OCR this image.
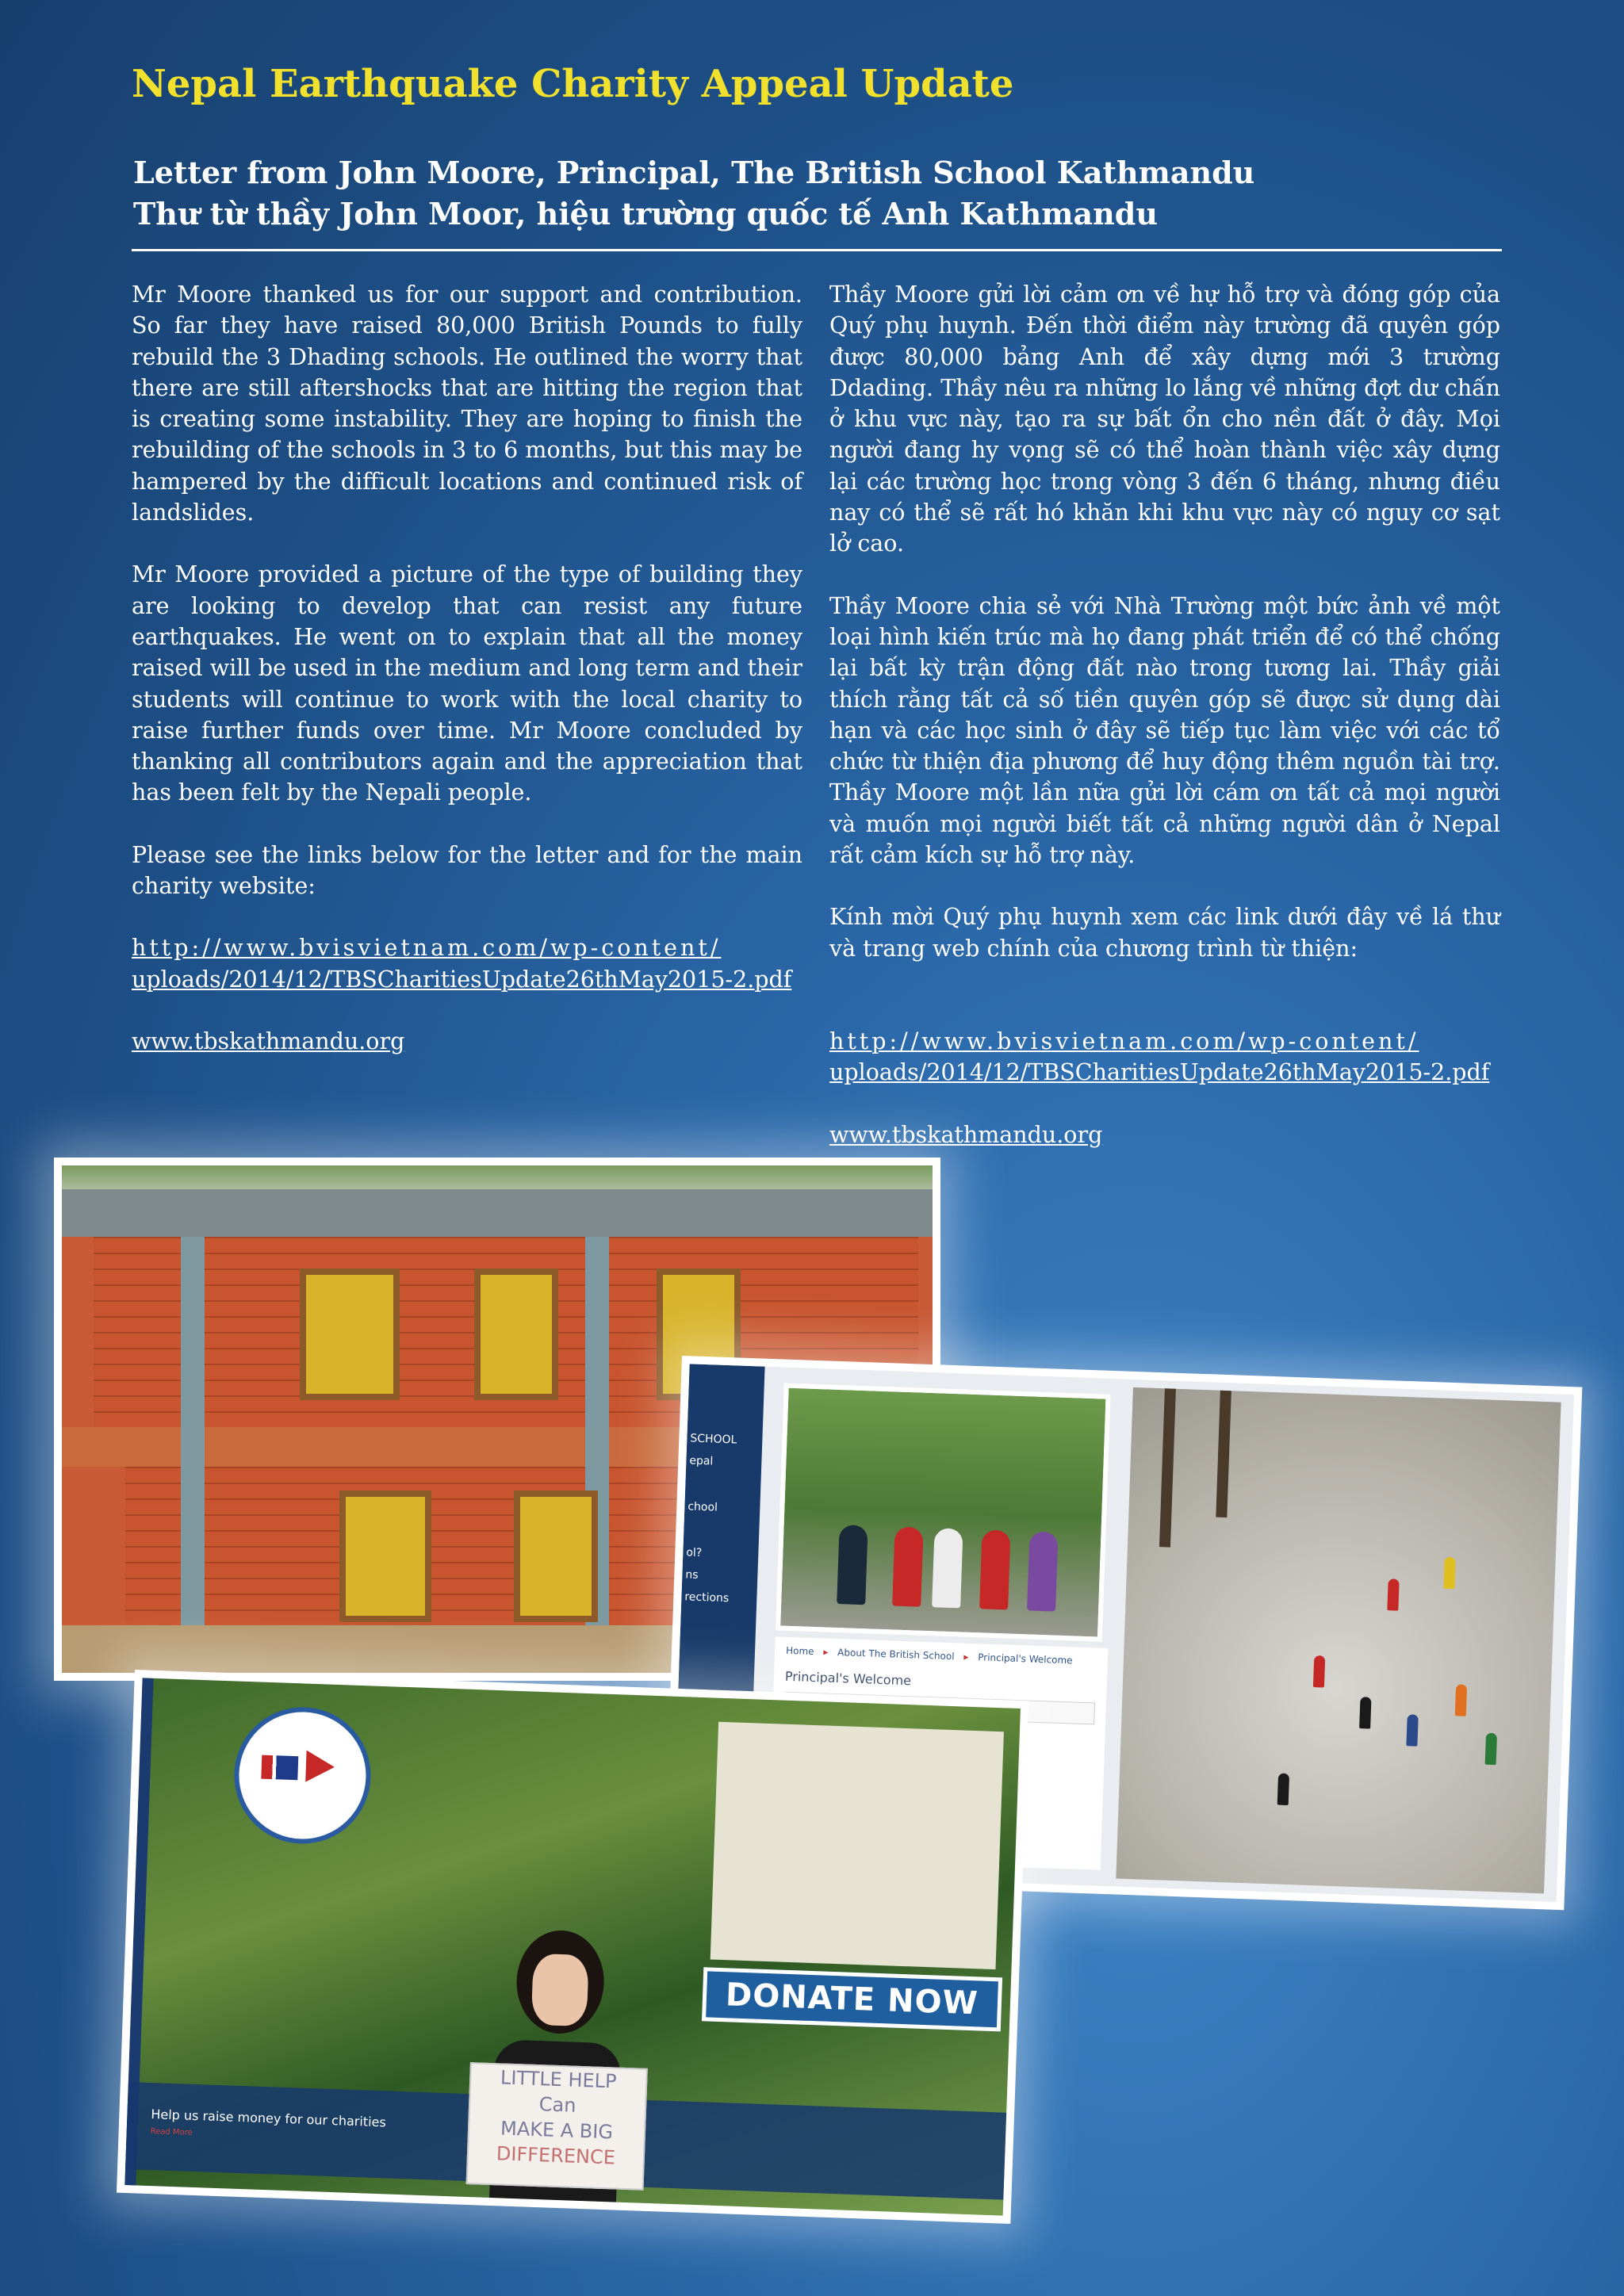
Nepal Earthquake Charity Appeal Update
Letter from John Moore, Principal, The British School Kathmandu
Thư từ thầy John Moor, hiệu trường quốc tế Anh Kathmandu

Mr Moore thanked us for our support and contribution. So far they have raised 80,000 British Pounds to fully rebuild the 3 Dhading schools. He outlined the worry that there are still aftershocks that are hitting the region that is creating some instability. They are hoping to finish the rebuilding of the schools in 3 to 6 months, but this may be hampered by the difficult locations and continued risk of landslides.

Mr Moore provided a picture of the type of building they are looking to develop that can resist any future earthquakes. He went on to explain that all the money raised will be used in the medium and long term and their students will continue to work with the local charity to raise further funds over time. Mr Moore concluded by thanking all contributors again and the appreciation that has been felt by the Nepali people.

Please see the links below for the letter and for the main charity website:

http://www.bvisvietnam.com/wp-content/
uploads/2014/12/TBSCharitiesUpdate26thMay2015-2.pdf
www.tbskathmandu.org

Thầy Moore gửi lời cảm ơn về hự hỗ trợ và đóng góp của Quý phụ huynh. Đến thời điểm này trường đã quyên góp được 80,000 bảng Anh để xây dựng mới 3 trường Ddading. Thầy nêu ra những lo lắng về những đợt dư chấn ở khu vực này, tạo ra sự bất ổn cho nền đất ở đây. Mọi người đang hy vọng sẽ có thể hoàn thành việc xây dựng lại các trường học trong vòng 3 đến 6 tháng, nhưng điều nay có thể sẽ rất hó khăn khi khu vực này có nguy cơ sạt lở cao.

Thầy Moore chia sẻ với Nhà Trường một bức ảnh về một loại hình kiến trúc mà họ đang phát triển để có thể chống lại bất kỳ trận động đất nào trong tương lai. Thầy giải thích rằng tất cả số tiền quyên góp sẽ được sử dụng dài hạn và các học sinh ở đây sẽ tiếp tục làm việc với các tổ chức từ thiện địa phương để huy động thêm nguồn tài trợ. Thầy Moore một lần nữa gửi lời cám ơn tất cả mọi người và muốn mọi người biết tất cả những người dân ở Nepal rất cảm kích sự hỗ trợ này.

Kính mời Quý phụ huynh xem các link dưới đây về lá thư và trang web chính của chương trình từ thiện:

http://www.bvisvietnam.com/wp-content/
uploads/2014/12/TBSCharitiesUpdate26thMay2015-2.pdf
www.tbskathmandu.org
SCHOOL
epal
chool
ol?
ns
rections
Home ▸ About The British School ▸ Principal's Welcome
Principal's Welcome
DONATE NOW
Help us raise money for our charities
Read More
LITTLE HELP
Can
MAKE A BIG
DIFFERENCE
